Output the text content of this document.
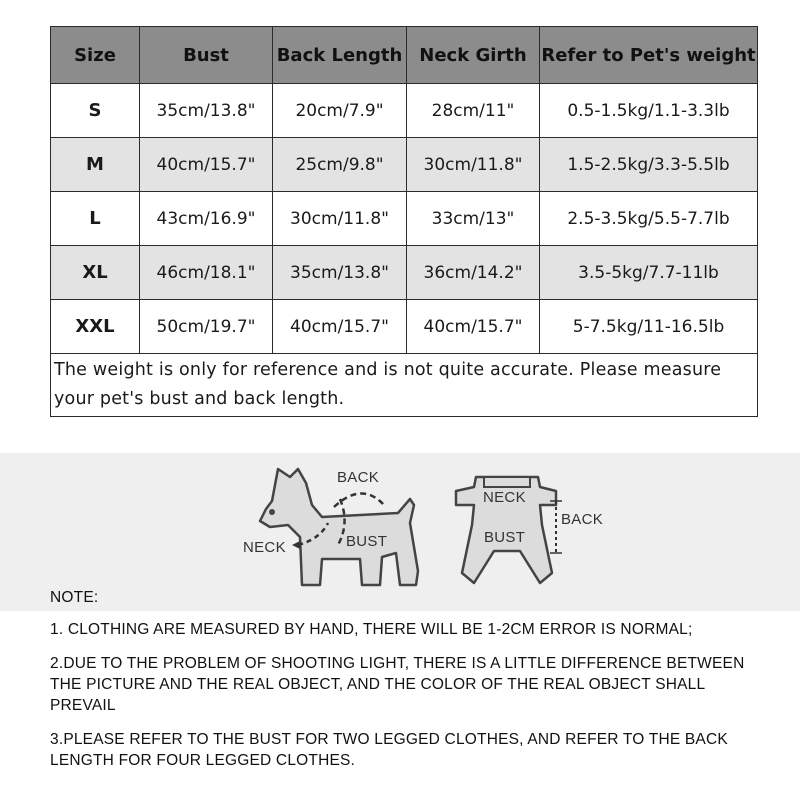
Size	Bust	Back Length	Neck Girth	Refer to Pet's weight
S	35cm/13.8"	20cm/7.9"	28cm/11"	0.5-1.5kg/1.1-3.3lb
M	40cm/15.7"	25cm/9.8"	30cm/11.8"	1.5-2.5kg/3.3-5.5lb
L	43cm/16.9"	30cm/11.8"	33cm/13"	2.5-3.5kg/5.5-7.7lb
XL	46cm/18.1"	35cm/13.8"	36cm/14.2"	3.5-5kg/7.7-11lb
XXL	50cm/19.7"	40cm/15.7"	40cm/15.7"	5-7.5kg/11-16.5lb
The weight is only for reference and is not quite accurate. Please measure your pet's bust and back length.				
BACK
NECK	BUST
NECK
BUST
BACK
NOTE:
1. CLOTHING ARE MEASURED BY HAND, THERE WILL BE 1-2CM ERROR IS NORMAL;
2.DUE TO THE PROBLEM OF SHOOTING LIGHT, THERE IS A LITTLE DIFFERENCE BETWEEN THE PICTURE AND THE REAL OBJECT, AND THE COLOR OF THE REAL OBJECT SHALL PREVAIL
3.PLEASE REFER TO THE BUST FOR TWO LEGGED CLOTHES, AND REFER TO THE BACK LENGTH FOR FOUR LEGGED CLOTHES.
